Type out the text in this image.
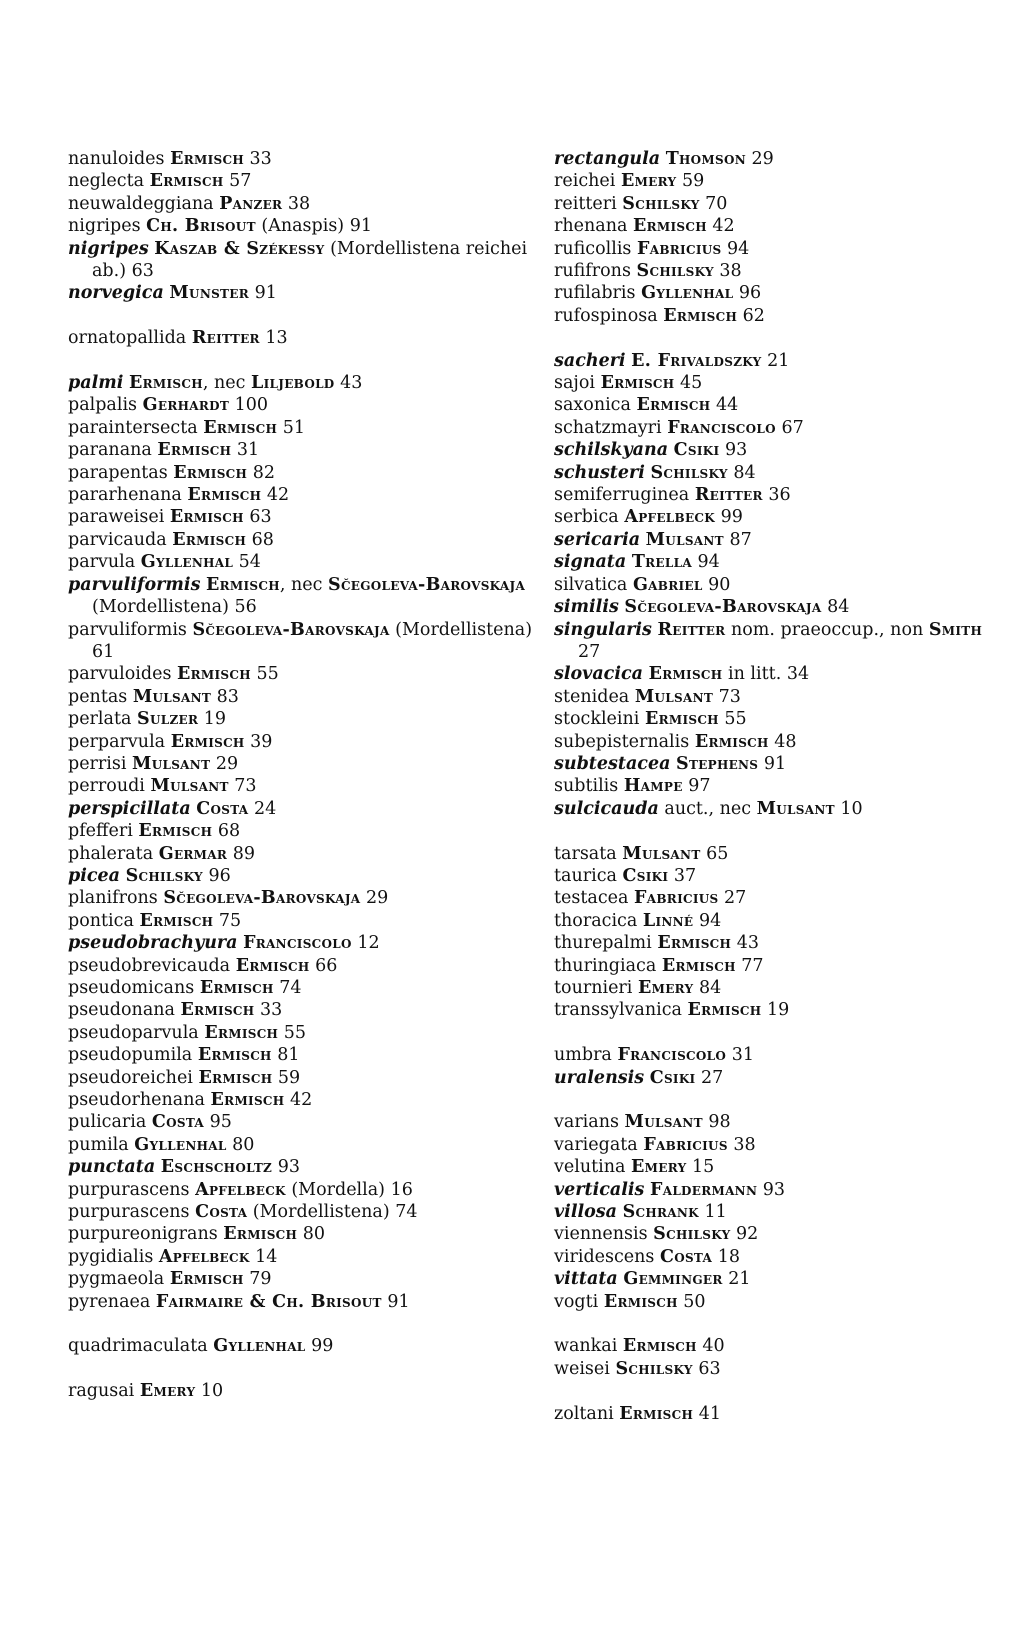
nanuloides Ermisch 33

neglecta Ermisch 57

neuwaldeggiana Panzer 38

nigripes Ch. Brisout (Anaspis) 91

nigripes Kaszab & Székessy (Mordellistena reichei ab.) 63

norvegica Munster 91

ornatopallida Reitter 13

palmi Ermisch, nec Liljebold 43

palpalis Gerhardt 100

paraintersecta Ermisch 51

paranana Ermisch 31

parapentas Ermisch 82

pararhenana Ermisch 42

paraweisei Ermisch 63

parvicauda Ermisch 68

parvula Gyllenhal 54

parvuliformis Ermisch, nec Sčegoleva-Barovskaja (Mordellistena) 56

parvuliformis Sčegoleva-Barovskaja (Mordellistena) 61

parvuloides Ermisch 55

pentas Mulsant 83

perlata Sulzer 19

perparvula Ermisch 39

perrisi Mulsant 29

perroudi Mulsant 73

perspicillata Costa 24

pfefferi Ermisch 68

phalerata Germar 89

picea Schilsky 96

planifrons Sčegoleva-Barovskaja 29

pontica Ermisch 75

pseudobrachyura Franciscolo 12

pseudobrevicauda Ermisch 66

pseudomicans Ermisch 74

pseudonana Ermisch 33

pseudoparvula Ermisch 55

pseudopumila Ermisch 81

pseudoreichei Ermisch 59

pseudorhenana Ermisch 42

pulicaria Costa 95

pumila Gyllenhal 80

punctata Eschscholtz 93

purpurascens Apfelbeck (Mordella) 16

purpurascens Costa (Mordellistena) 74

purpureonigrans Ermisch 80

pygidialis Apfelbeck 14

pygmaeola Ermisch 79

pyrenaea Fairmaire & Ch. Brisout 91

quadrimaculata Gyllenhal 99

ragusai Emery 10

rectangula Thomson 29

reichei Emery 59

reitteri Schilsky 70

rhenana Ermisch 42

ruficollis Fabricius 94

rufifrons Schilsky 38

rufilabris Gyllenhal 96

rufospinosa Ermisch 62

sacheri E. Frivaldszky 21

sajoi Ermisch 45

saxonica Ermisch 44

schatzmayri Franciscolo 67

schilskyana Csiki 93

schusteri Schilsky 84

semiferruginea Reitter 36

serbica Apfelbeck 99

sericaria Mulsant 87

signata Trella 94

silvatica Gabriel 90

similis Sčegoleva-Barovskaja 84

singularis Reitter nom. praeoccup., non Smith 27

slovacica Ermisch in litt. 34

stenidea Mulsant 73

stockleini Ermisch 55

subepisternalis Ermisch 48

subtestacea Stephens 91

subtilis Hampe 97

sulcicauda auct., nec Mulsant 10

tarsata Mulsant 65

taurica Csiki 37

testacea Fabricius 27

thoracica Linné 94

thurepalmi Ermisch 43

thuringiaca Ermisch 77

tournieri Emery 84

transsylvanica Ermisch 19

umbra Franciscolo 31

uralensis Csiki 27

varians Mulsant 98

variegata Fabricius 38

velutina Emery 15

verticalis Faldermann 93

villosa Schrank 11

viennensis Schilsky 92

viridescens Costa 18

vittata Gemminger 21

vogti Ermisch 50

wankai Ermisch 40

weisei Schilsky 63

zoltani Ermisch 41
